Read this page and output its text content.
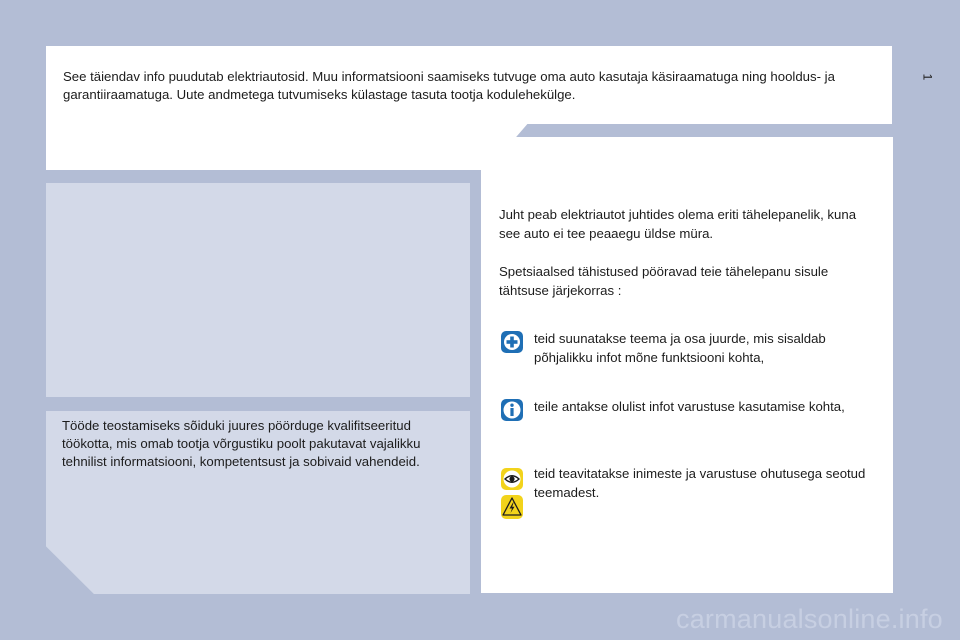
See täiendav info puudutab elektriautosid. Muu informatsiooni saamiseks tutvuge oma auto kasutaja käsiraamatuga ning hooldus- ja garantiiraamatuga. Uute andmetega tutvumiseks külastage tasuta tootja kodulehekülge.

1

Tööde teostamiseks sõiduki juures pöörduge kvalifitseeritud töökotta, mis omab tootja võrgustiku poolt pakutavat vajalikku tehnilist informatsiooni, kompetentsust ja sobivaid vahendeid.

Juht peab elektriautot juhtides olema eriti tähelepanelik, kuna see auto ei tee peaaegu üldse müra.

Spetsiaalsed tähistused pööravad teie tähelepanu sisule tähtsuse järjekorras :

teid suunatakse teema ja osa juurde, mis sisaldab põhjalikku infot mõne funktsiooni kohta,

teile antakse olulist infot varustuse kasutamise kohta,

teid teavitatakse inimeste ja varustuse ohutusega seotud teemadest.

carmanualsonline.info
